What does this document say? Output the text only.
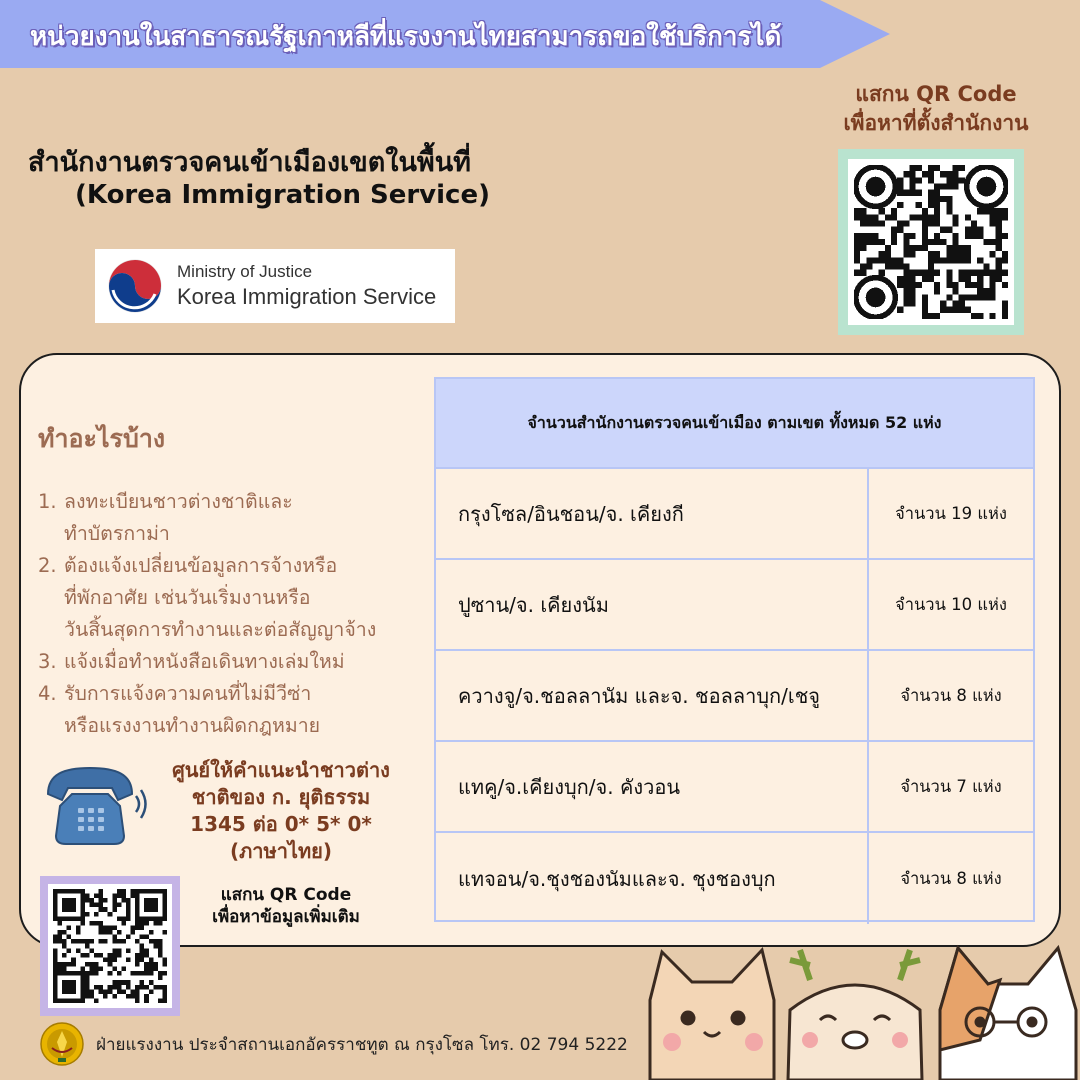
หน่วยงานในสาธารณรัฐเกาหลีที่แรงงานไทยสามารถขอใช้บริการได้
สำนักงานตรวจคนเข้าเมืองเขตในพื้นที่
(Korea Immigration Service)
Ministry of Justice
Korea Immigration Service
แสกน QR Code
เพื่อหาที่ตั้งสำนักงาน
ทำอะไรบ้าง
1. ลงทะเบียนชาวต่างชาติและ
ทำบัตรกาม่า
2. ต้องแจ้งเปลี่ยนข้อมูลการจ้างหรือ
ที่พักอาศัย เช่นวันเริ่มงานหรือ
วันสิ้นสุดการทำงานและต่อสัญญาจ้าง
3. แจ้งเมื่อทำหนังสือเดินทางเล่มใหม่
4. รับการแจ้งความคนที่ไม่มีวีซ่า
หรือแรงงานทำงานผิดกฎหมาย
ศูนย์ให้คำแนะนำชาวต่าง
ชาติของ ก. ยุติธรรม
1345 ต่อ 0* 5* 0*
(ภาษาไทย)
แสกน QR Code
เพื่อหาข้อมูลเพิ่มเติม
จำนวนสำนักงานตรวจคนเข้าเมือง ตามเขต ทั้งหมด 52 แห่ง
กรุงโซล/อินชอน/จ. เคียงกี	จำนวน 19 แห่ง
ปูซาน/จ. เคียงนัม	จำนวน 10 แห่ง
ควางจู/จ.ชอลลานัม และจ. ชอลลาบุก/เชจู	จำนวน 8 แห่ง
แทคู/จ.เคียงบุก/จ. คังวอน	จำนวน 7 แห่ง
แทจอน/จ.ชุงชองนัมและจ. ชุงชองบุก	จำนวน 8 แห่ง
ฝ่ายแรงงาน ประจำสถานเอกอัครราชทูต ณ กรุงโซล โทร. 02 794 5222
